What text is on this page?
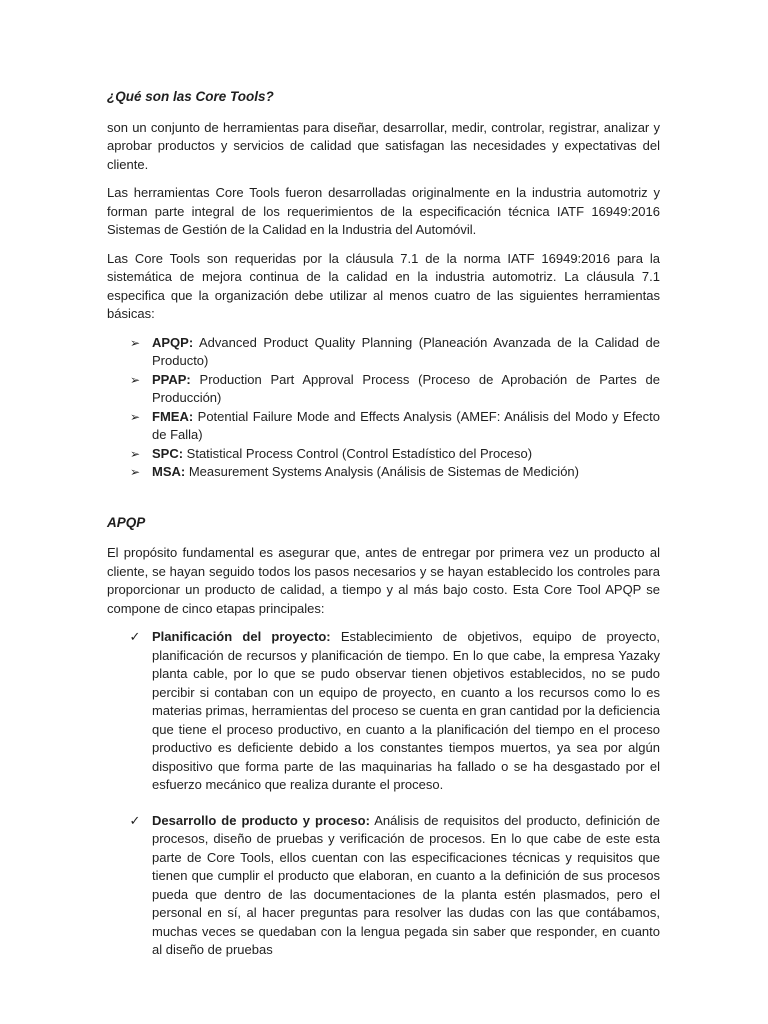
¿Qué son las Core Tools?

son un conjunto de herramientas para diseñar, desarrollar, medir, controlar, registrar, analizar y aprobar productos y servicios de calidad que satisfagan las necesidades y expectativas del cliente.

Las herramientas Core Tools fueron desarrolladas originalmente en la industria automotriz y forman parte integral de los requerimientos de la especificación técnica IATF 16949:2016 Sistemas de Gestión de la Calidad en la Industria del Automóvil.

Las Core Tools son requeridas por la cláusula 7.1 de la norma IATF 16949:2016 para la sistemática de mejora continua de la calidad en la industria automotriz. La cláusula 7.1 especifica que la organización debe utilizar al menos cuatro de las siguientes herramientas básicas:

➢ APQP: Advanced Product Quality Planning (Planeación Avanzada de la Calidad de Producto)
➢ PPAP: Production Part Approval Process (Proceso de Aprobación de Partes de Producción)
➢ FMEA: Potential Failure Mode and Effects Analysis (AMEF: Análisis del Modo y Efecto de Falla)
➢ SPC: Statistical Process Control (Control Estadístico del Proceso)
➢ MSA: Measurement Systems Analysis (Análisis de Sistemas de Medición)
APQP

El propósito fundamental es asegurar que, antes de entregar por primera vez un producto al cliente, se hayan seguido todos los pasos necesarios y se hayan establecido los controles para proporcionar un producto de calidad, a tiempo y al más bajo costo. Esta Core Tool APQP se compone de cinco etapas principales:

✓ Planificación del proyecto: Establecimiento de objetivos, equipo de proyecto, planificación de recursos y planificación de tiempo. En lo que cabe, la empresa Yazaky planta cable, por lo que se pudo observar tienen objetivos establecidos, no se pudo percibir si contaban con un equipo de proyecto, en cuanto a los recursos como lo es materias primas, herramientas del proceso se cuenta en gran cantidad por la deficiencia que tiene el proceso productivo, en cuanto a la planificación del tiempo en el proceso productivo es deficiente debido a los constantes tiempos muertos, ya sea por algún dispositivo que forma parte de las maquinarias ha fallado o se ha desgastado por el esfuerzo mecánico que realiza durante el proceso.
✓ Desarrollo de producto y proceso: Análisis de requisitos del producto, definición de procesos, diseño de pruebas y verificación de procesos. En lo que cabe de este esta parte de Core Tools, ellos cuentan con las especificaciones técnicas y requisitos que tienen que cumplir el producto que elaboran, en cuanto a la definición de sus procesos pueda que dentro de las documentaciones de la planta estén plasmados, pero el personal en sí, al hacer preguntas para resolver las dudas con las que contábamos, muchas veces se quedaban con la lengua pegada sin saber que responder, en cuanto al diseño de pruebas
